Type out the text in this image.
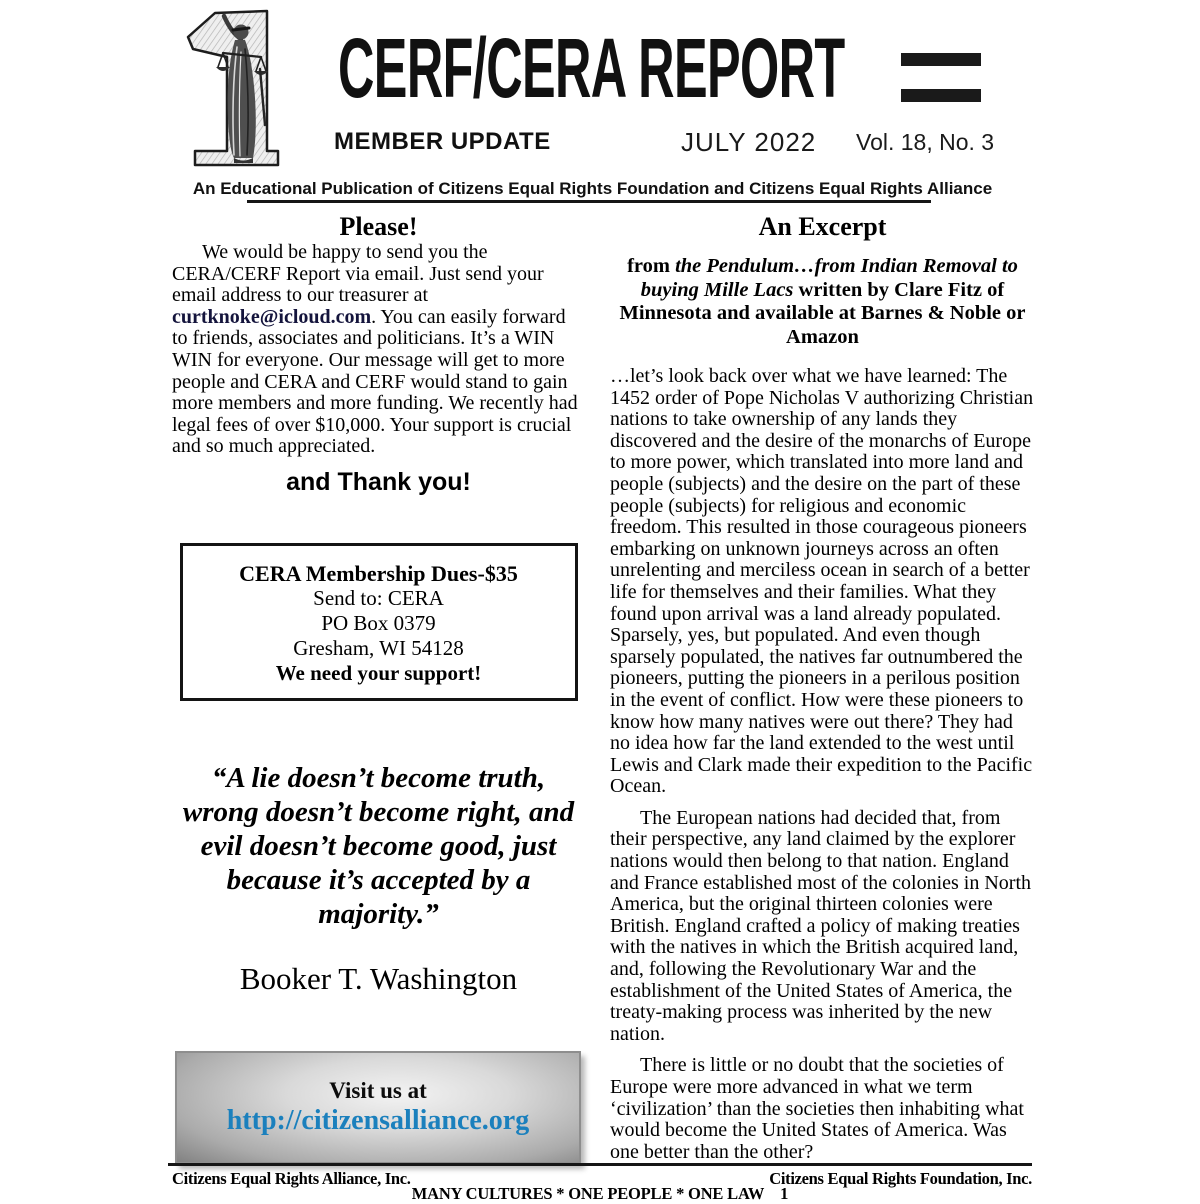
CERF/CERA REPORT
MEMBER UPDATE	JULY 2022 Vol. 18, No. 3
An Educational Publication of Citizens Equal Rights Foundation and Citizens Equal Rights Alliance
Please!

We would be happy to send you the CERA/CERF Report via email. Just send your email address to our treasurer at curtknoke@icloud.com. You can easily forward to friends, associates and politicians. It’s a WIN WIN for everyone. Our message will get to more people and CERA and CERF would stand to gain more members and more funding. We recently had legal fees of over $10,000. Your support is crucial and so much appreciated.

and Thank you!
CERA Membership Dues-$35
Send to: CERA
PO Box 0379
Gresham, WI 54128
We need your support!
“A lie doesn’t become truth, wrong doesn’t become right, and evil doesn’t become good, just because it’s accepted by a majority.”
Booker T. Washington
Visit us at
http://citizensalliance.org
An Excerpt
from the Pendulum…from Indian Removal to buying Mille Lacs written by Clare Fitz of Minnesota and available at Barnes & Noble or Amazon

…let’s look back over what we have learned: The 1452 order of Pope Nicholas V authorizing Christian nations to take ownership of any lands they discovered and the desire of the monarchs of Europe to more power, which translated into more land and people (subjects) and the desire on the part of these people (subjects) for religious and economic freedom. This resulted in those courageous pioneers embarking on unknown journeys across an often unrelenting and merciless ocean in search of a better life for themselves and their families. What they found upon arrival was a land already populated. Sparsely, yes, but populated. And even though sparsely populated, the natives far outnumbered the pioneers, putting the pioneers in a perilous position in the event of conflict. How were these pioneers to know how many natives were out there? They had no idea how far the land extended to the west until Lewis and Clark made their expedition to the Pacific Ocean.

The European nations had decided that, from their perspective, any land claimed by the explorer nations would then belong to that nation. England and France established most of the colonies in North America, but the original thirteen colonies were British. England crafted a policy of making treaties with the natives in which the British acquired land, and, following the Revolutionary War and the establishment of the United States of America, the treaty-making process was inherited by the new nation.

There is little or no doubt that the societies of Europe were more advanced in what we term ‘civilization’ than the societies then inhabiting what would become the United States of America. Was one better than the other?

Citizens Equal Rights Alliance, Inc.	Citizens Equal Rights Foundation, Inc.
MANY CULTURES * ONE PEOPLE * ONE LAW 1
